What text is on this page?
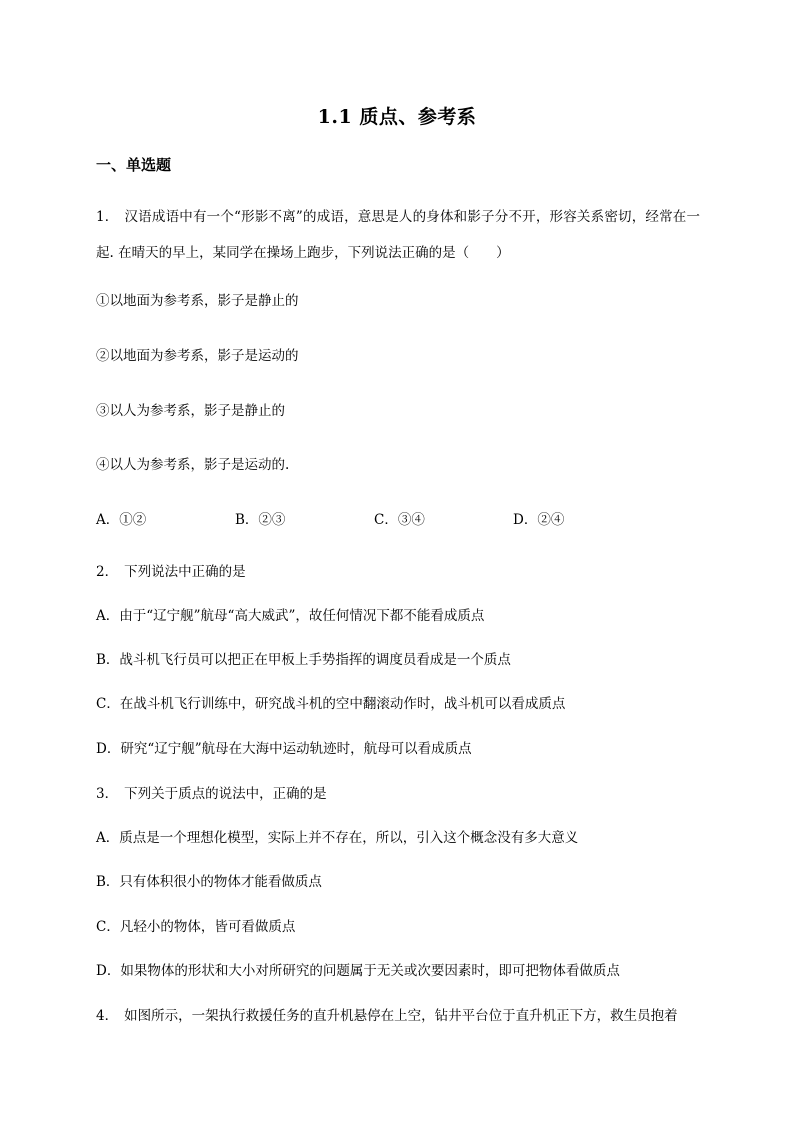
1.1 质点、参考系
一、单选题
1． 汉语成语中有一个“形影不离”的成语，意思是人的身体和影子分不开，形容关系密切，经常在一起. 在晴天的早上，某同学在操场上跑步，下列说法正确的是（　　）
①以地面为参考系，影子是静止的
②以地面为参考系，影子是运动的
③以人为参考系，影子是静止的
④以人为参考系，影子是运动的.
A．①②	B．②③	C．③④	D．②④
2． 下列说法中正确的是
A．由于“辽宁舰”航母“高大威武”，故任何情况下都不能看成质点
B．战斗机飞行员可以把正在甲板上手势指挥的调度员看成是一个质点
C．在战斗机飞行训练中，研究战斗机的空中翻滚动作时，战斗机可以看成质点
D．研究“辽宁舰”航母在大海中运动轨迹时，航母可以看成质点
3． 下列关于质点的说法中，正确的是
A．质点是一个理想化模型，实际上并不存在，所以，引入这个概念没有多大意义
B．只有体积很小的物体才能看做质点
C．凡轻小的物体，皆可看做质点
D．如果物体的形状和大小对所研究的问题属于无关或次要因素时，即可把物体看做质点
4． 如图所示，一架执行救援任务的直升机悬停在上空，钻井平台位于直升机正下方，救生员抱着
